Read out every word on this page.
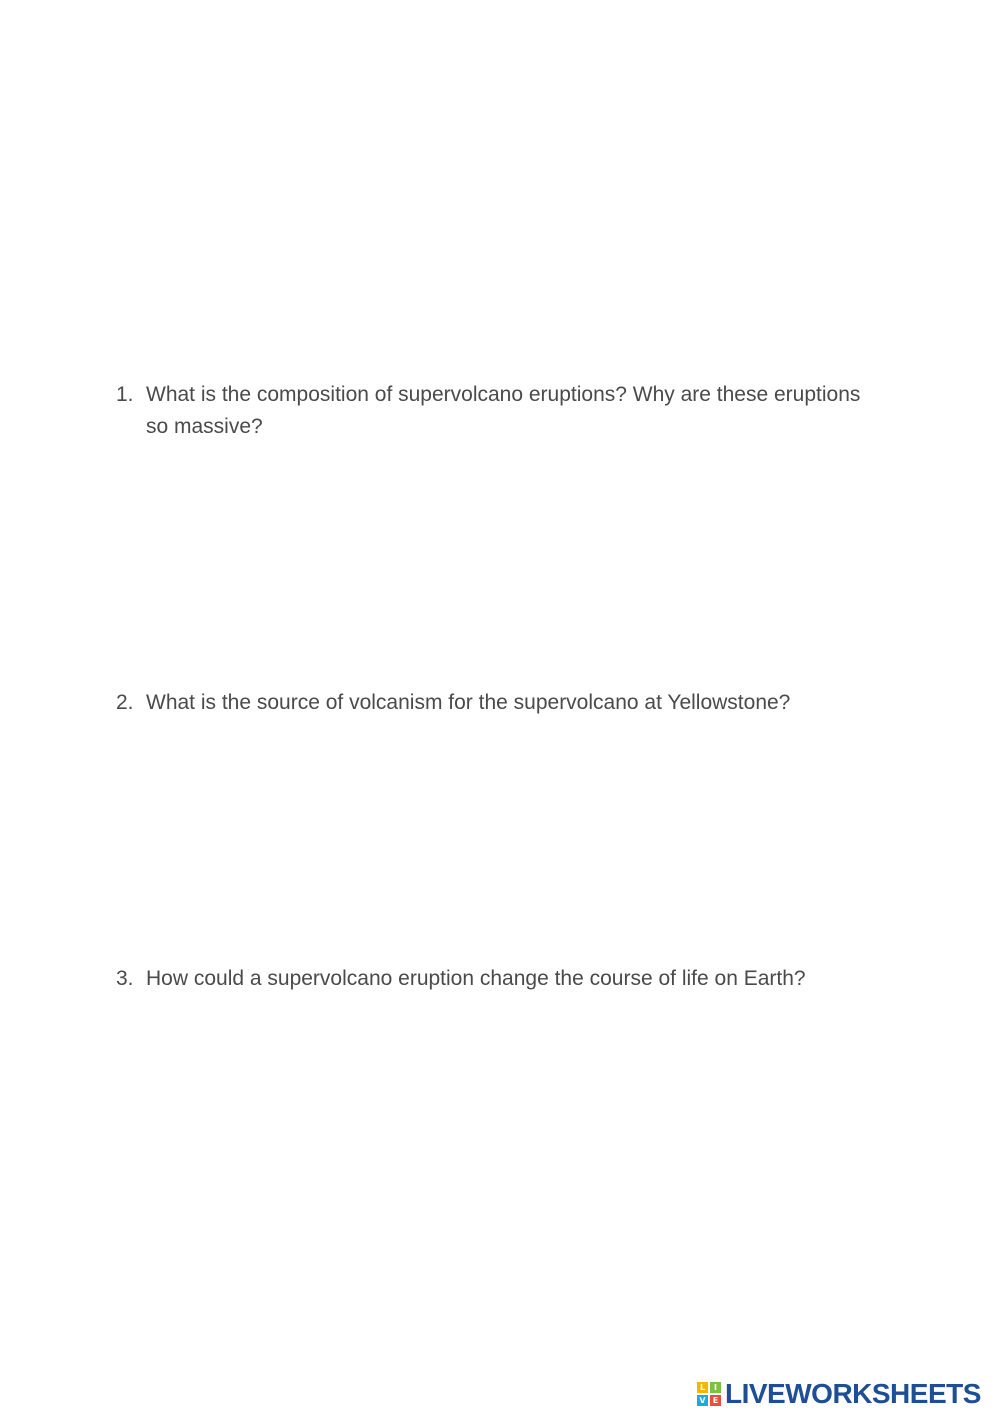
1. What is the composition of supervolcano eruptions? Why are these eruptions so massive?
2. What is the source of volcanism for the supervolcano at Yellowstone?
3. How could a supervolcano eruption change the course of life on Earth?
L	I
V E LIVEWORKSHEETS
